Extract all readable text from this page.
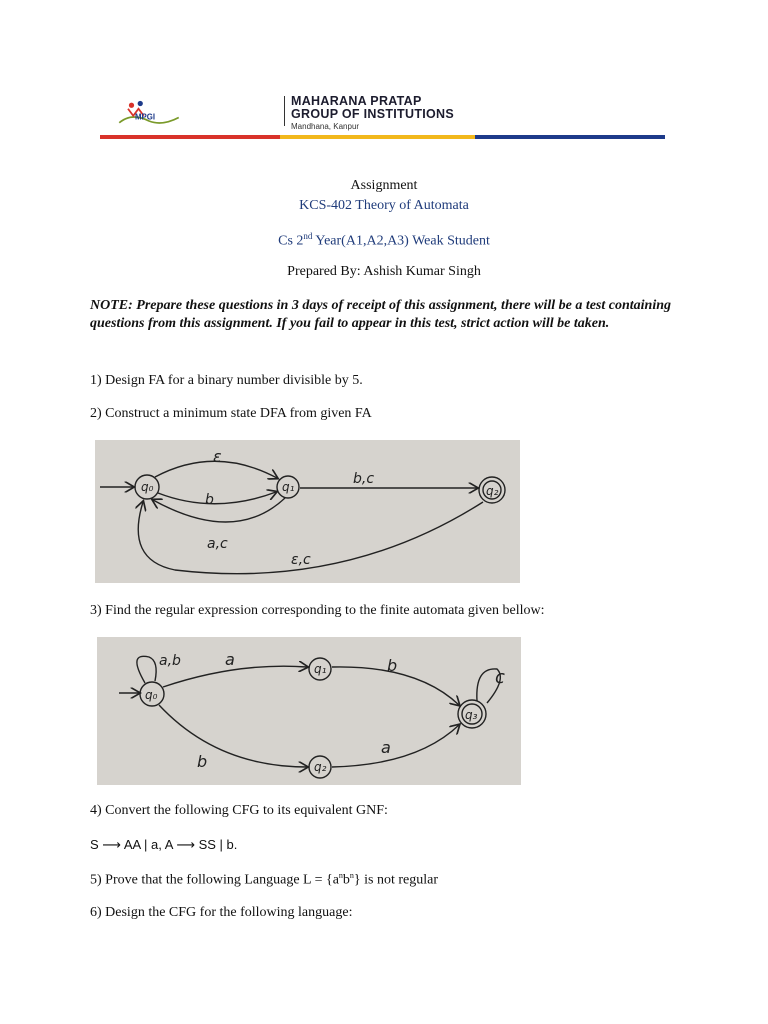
MPGI
MAHARANA PRATAP
GROUP OF INSTITUTIONS
Mandhana, Kanpur
Assignment
KCS-402 Theory of Automata
Cs 2nd Year(A1,A2,A3) Weak Student
Prepared By: Ashish Kumar Singh
NOTE: Prepare these questions in 3 days of receipt of this assignment, there will be a test containing questions from this assignment. If you fail to appear in this test, strict action will be taken.
1) Design FA for a binary number divisible by 5.
2) Construct a minimum state DFA from given FA
q₀	q₁	q₂
ε
b
b,c
a,c
ε,c
3) Find the regular expression corresponding to the finite automata given bellow:
q₀
q₁
q₂
q₃
a,b	a	b
c
b
a
4) Convert the following CFG to its equivalent GNF:
S ⟶ AA | a, A ⟶ SS | b.
5) Prove that the following Language $L = \{a^nb^n\}$ is not regular
6) Design the CFG for the following language:
